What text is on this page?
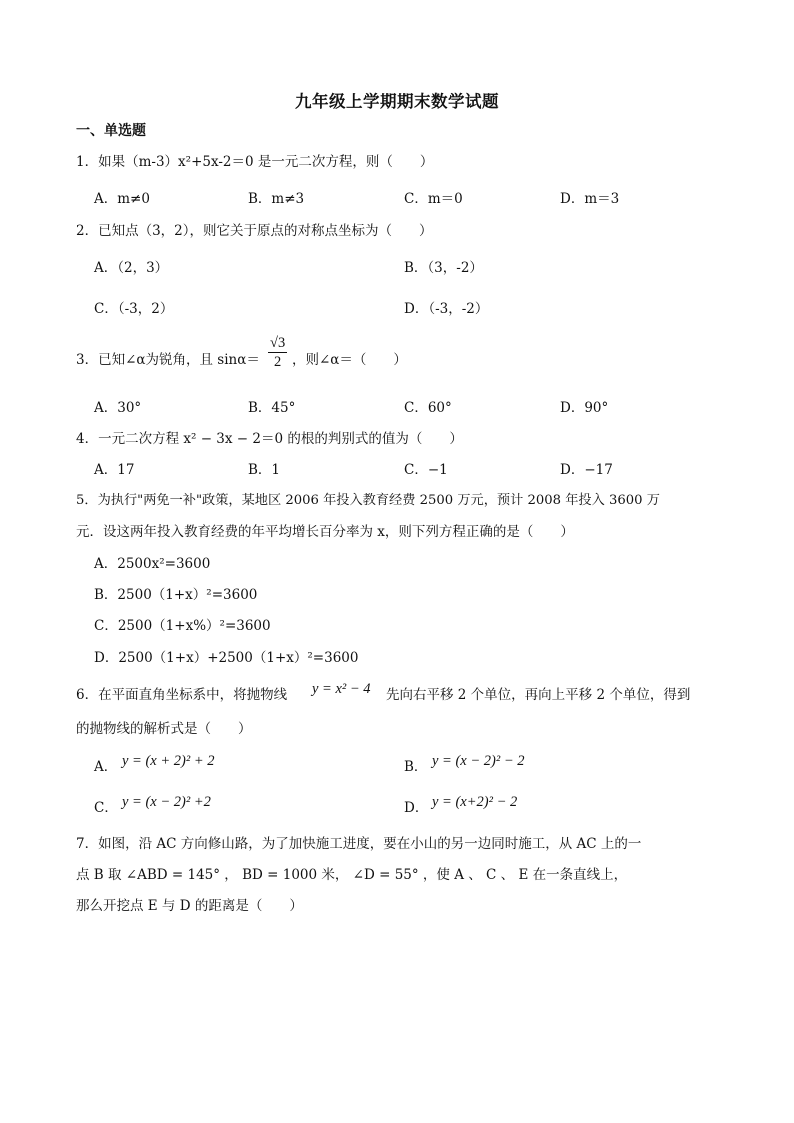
九年级上学期期末数学试题
一、单选题
1．如果（m-3）x²+5x-2＝0 是一元二次方程，则（　　）
A．m≠0	B．m≠3	C．m＝0	D．m＝3
2．已知点（3，2），则它关于原点的对称点坐标为（　　）
A．（2，3）	B．（3，-2）
C．（-3，2）	D．（-3，-2）
3．已知∠α为锐角，且 $\sin\alpha= \frac{√3}{2}$ ，则∠α＝（　　）
A．30°	B．45°	C．60°	D．90°
4．一元二次方程 x² − 3x − 2＝0 的根的判别式的值为（　　）
A．17	B．1	C．−1	D．−17
5．为执行"两免一补"政策，某地区 2006 年投入教育经费 2500 万元，预计 2008 年投入 3600 万
元．设这两年投入教育经费的年平均增长百分率为 x，则下列方程正确的是（　　）
A．2500x²=3600
B．2500（1+x）²=3600
C．2500（1+x%）²=3600
D．2500（1+x）+2500（1+x）²=3600
6．在平面直角坐标系中，将抛物线 y = x² − 4 先向右平移 2 个单位，再向上平移 2 个单位，得到
的抛物线的解析式是（　　）
A． y = (x + 2)² + 2	B． y = (x − 2)² − 2
C． y = (x − 2)² +2	D． y = (x+2)² − 2
7．如图，沿 AC 方向修山路，为了加快施工进度，要在小山的另一边同时施工，从 AC 上的一
点 B 取 ∠ABD = 145° ， BD = 1000 米， ∠D = 55° ，使 A 、 C 、 E 在一条直线上，
那么开挖点 E 与 D 的距离是（　　）
